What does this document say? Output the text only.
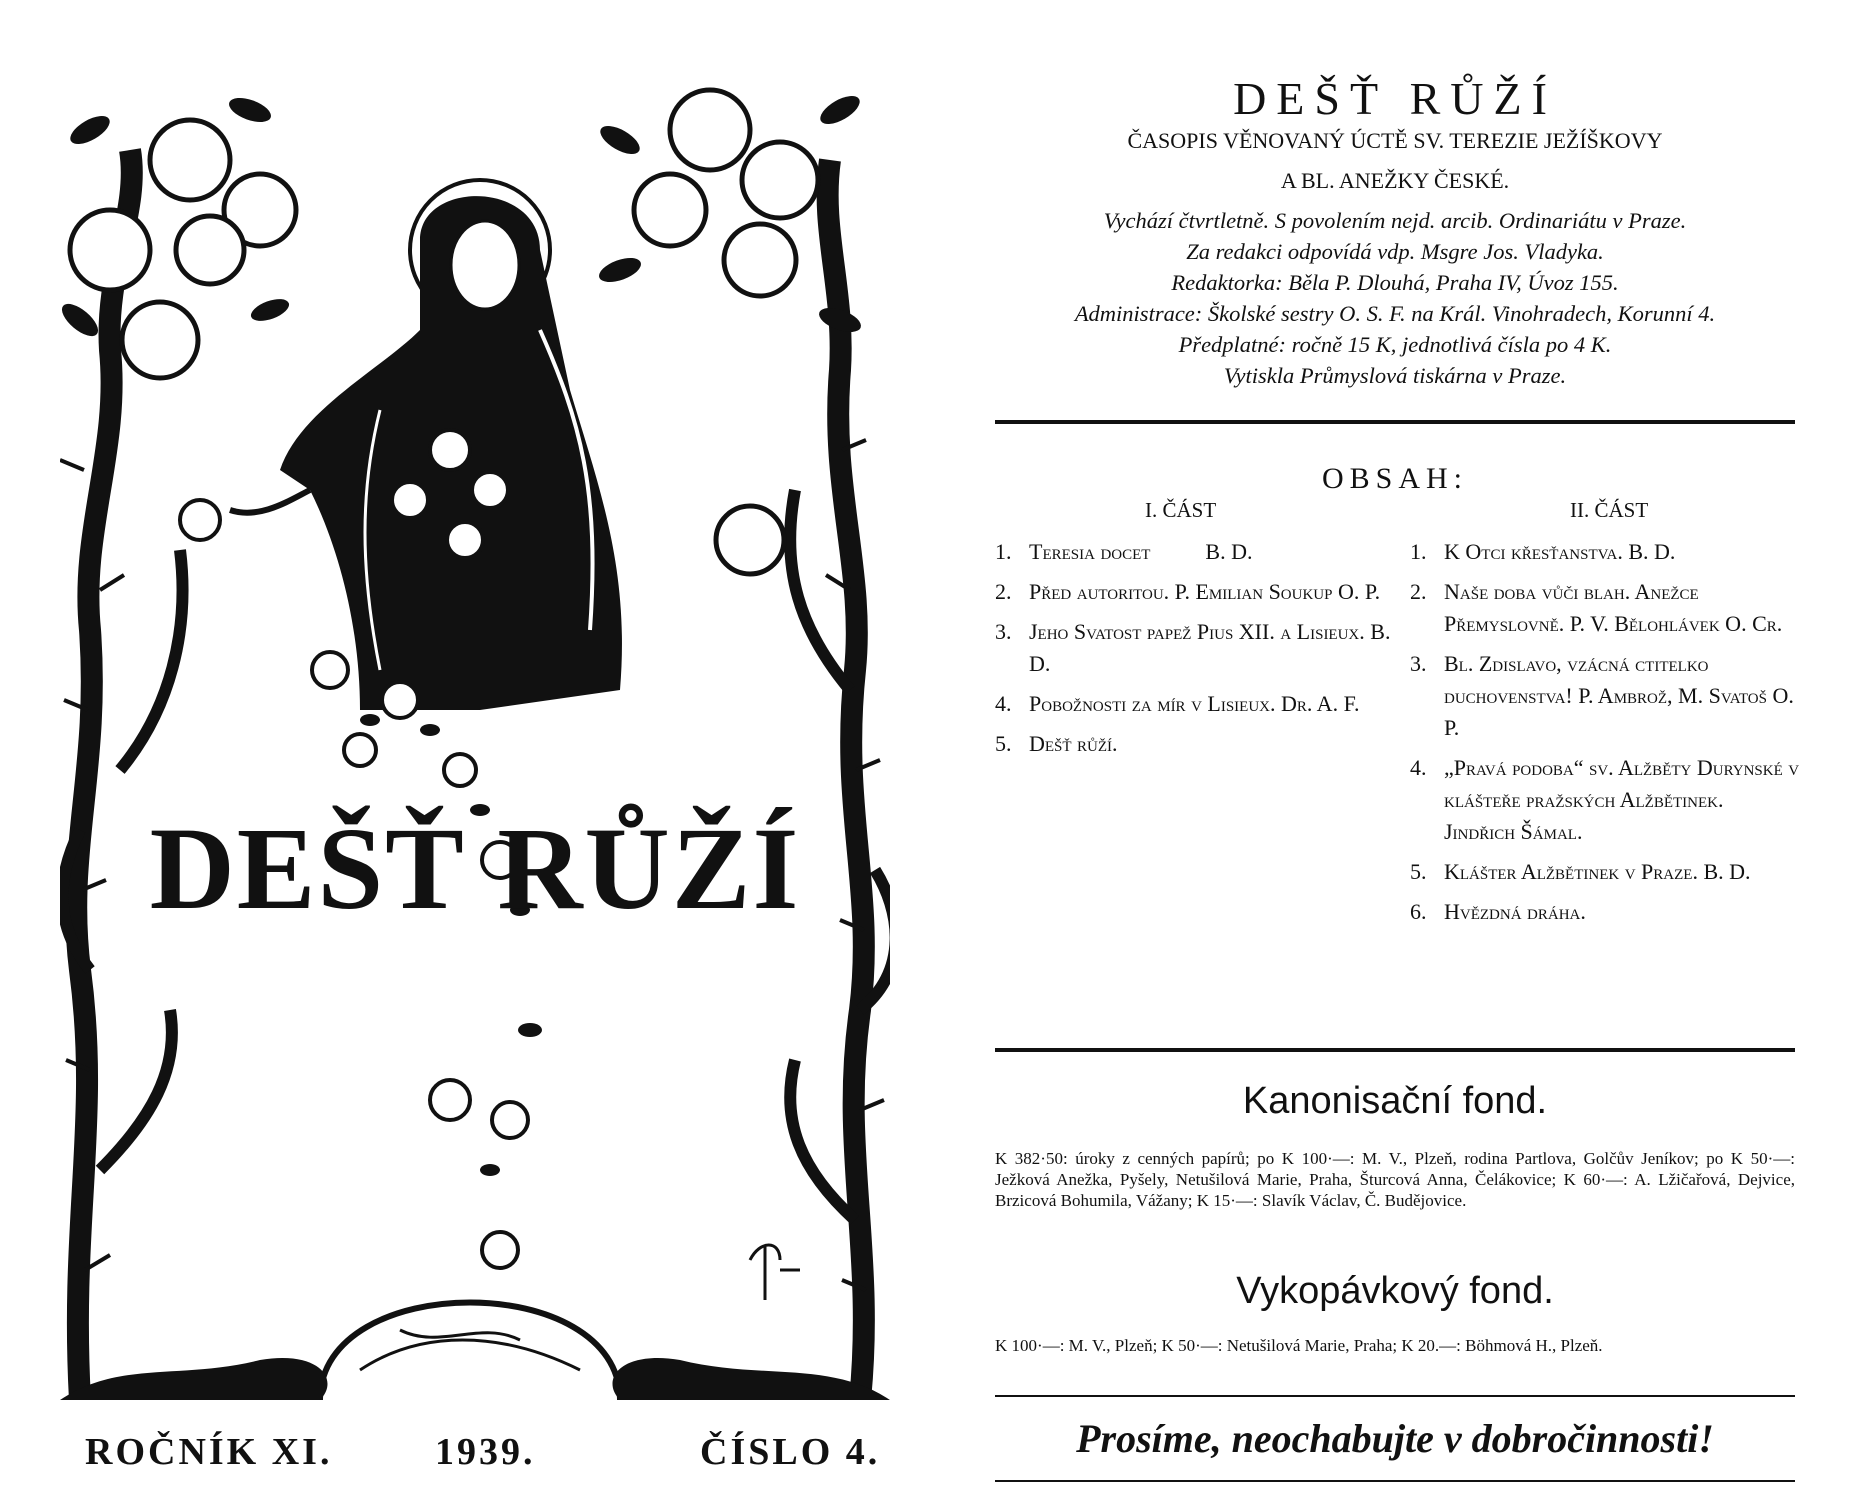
DEŠŤ RŮŽÍ
ROČNÍK XI.	1939.	ČÍSLO 4.
DEŠŤ RŮŽÍ
ČASOPIS VĚNOVANÝ ÚCTĚ SV. TEREZIE JEŽÍŠKOVY
A BL. ANEŽKY ČESKÉ.
Vychází čtvrtletně. S povolením nejd. arcib. Ordinariátu v Praze.
Za redakci odpovídá vdp. Msgre Jos. Vladyka.
Redaktorka: Běla P. Dlouhá, Praha IV, Úvoz 155.
Administrace: Školské sestry O. S. F. na Král. Vinohradech, Korunní 4.
Předplatné: ročně 15 K, jednotlivá čísla po 4 K.
Vytiskla Průmyslová tiskárna v Praze.
OBSAH:
I. ČÁST	II. ČÁST
1. Teresia docet          B. D.
2. Před autoritou. P. Emilian Soukup O. P.
3. Jeho Svatost papež Pius XII. a Lisieux. B. D.
4. Pobožnosti za mír v Lisieux. Dr. A. F.
5. Dešť růží.
1. K Otci křesťanstva. B. D.
2. Naše doba vůči blah. Anežce Přemyslovně. P. V. Bělohlávek O. Cr.
3. Bl. Zdislavo, vzácná ctitelko duchovenstva! P. Ambrož, M. Svatoš O. P.
4. „Pravá podoba“ sv. Alžběty Durynské v klášteře pražských Alžbětinek. Jindřich Šámal.
5. Klášter Alžbětinek v Praze. B. D.
6. Hvězdná dráha.
Kanonisační fond.
K 382·50: úroky z cenných papírů; po K 100·—: M. V., Plzeň, rodina Partlova, Golčův Jeníkov; po K 50·—: Ježková Anežka, Pyšely, Netušilová Marie, Praha, Šturcová Anna, Čelákovice; K 60·—: A. Lžičařová, Dejvice, Brzicová Bohumila, Vážany; K 15·—: Slavík Václav, Č. Budějovice.
Vykopávkový fond.
K 100·—: M. V., Plzeň; K 50·—: Netušilová Marie, Praha; K 20.—: Böhmová H., Plzeň.
Prosíme, neochabujte v dobročinnosti!
